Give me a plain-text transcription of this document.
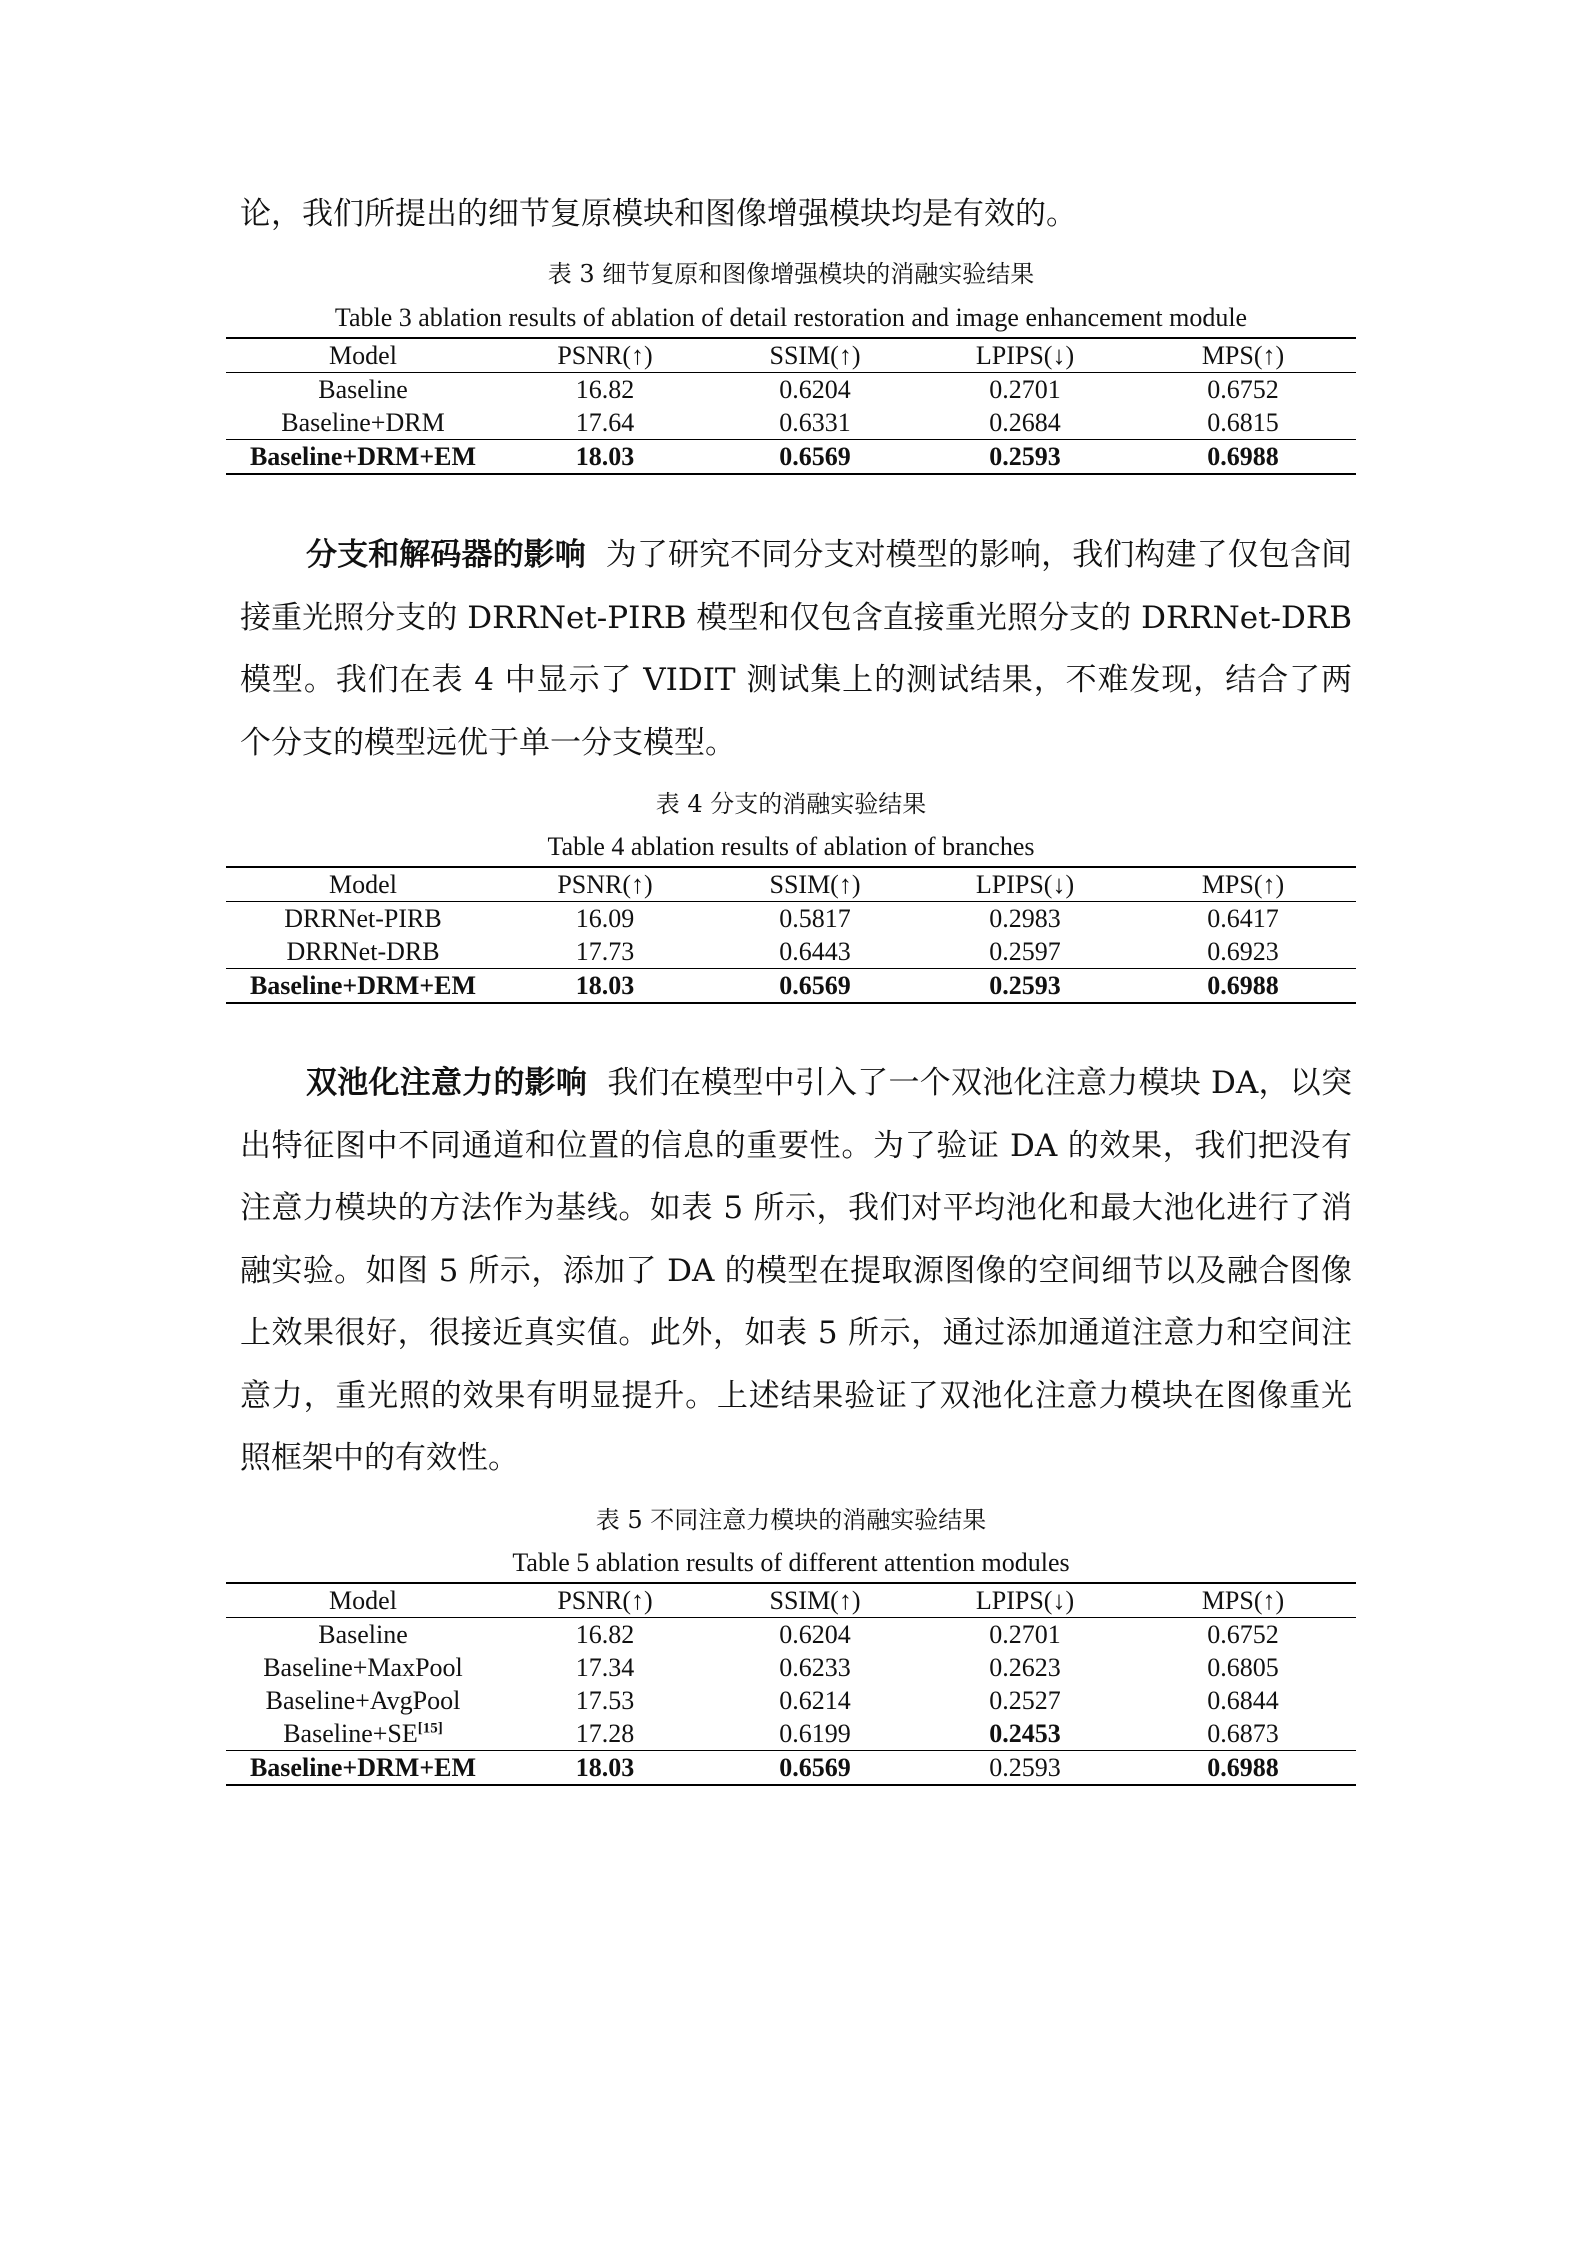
论，我们所提出的细节复原模块和图像增强模块均是有效的。

表 3 细节复原和图像增强模块的消融实验结果

Table 3 ablation results of ablation of detail restoration and image enhancement module

Model	PSNR(↑)	SSIM(↑)	LPIPS(↓)	MPS(↑)
Baseline	16.82	0.6204	0.2701	0.6752
Baseline+DRM	17.64	0.6331	0.2684	0.6815
Baseline+DRM+EM	18.03	0.6569	0.2593	0.6988

分支和解码器的影响 为了研究不同分支对模型的影响，我们构建了仅包含间接重光照分支的 DRRNet-PIRB 模型和仅包含直接重光照分支的 DRRNet-DRB 模型。我们在表 4 中显示了 VIDIT 测试集上的测试结果，不难发现，结合了两个分支的模型远优于单一分支模型。

表 4 分支的消融实验结果

Table 4 ablation results of ablation of branches

Model	PSNR(↑)	SSIM(↑)	LPIPS(↓)	MPS(↑)
DRRNet-PIRB	16.09	0.5817	0.2983	0.6417
DRRNet-DRB	17.73	0.6443	0.2597	0.6923
Baseline+DRM+EM	18.03	0.6569	0.2593	0.6988

双池化注意力的影响 我们在模型中引入了一个双池化注意力模块 DA，以突出特征图中不同通道和位置的信息的重要性。为了验证 DA 的效果，我们把没有注意力模块的方法作为基线。如表 5 所示，我们对平均池化和最大池化进行了消融实验。如图 5 所示，添加了 DA 的模型在提取源图像的空间细节以及融合图像上效果很好，很接近真实值。此外，如表 5 所示，通过添加通道注意力和空间注意力，重光照的效果有明显提升。上述结果验证了双池化注意力模块在图像重光照框架中的有效性。

表 5 不同注意力模块的消融实验结果

Table 5 ablation results of different attention modules

Model	PSNR(↑)	SSIM(↑)	LPIPS(↓)	MPS(↑)
Baseline	16.82	0.6204	0.2701	0.6752
Baseline+MaxPool	17.34	0.6233	0.2623	0.6805
Baseline+AvgPool	17.53	0.6214	0.2527	0.6844
Baseline+SE[15]	17.28	0.6199	0.2453	0.6873
Baseline+DRM+EM	18.03	0.6569	0.2593	0.6988
